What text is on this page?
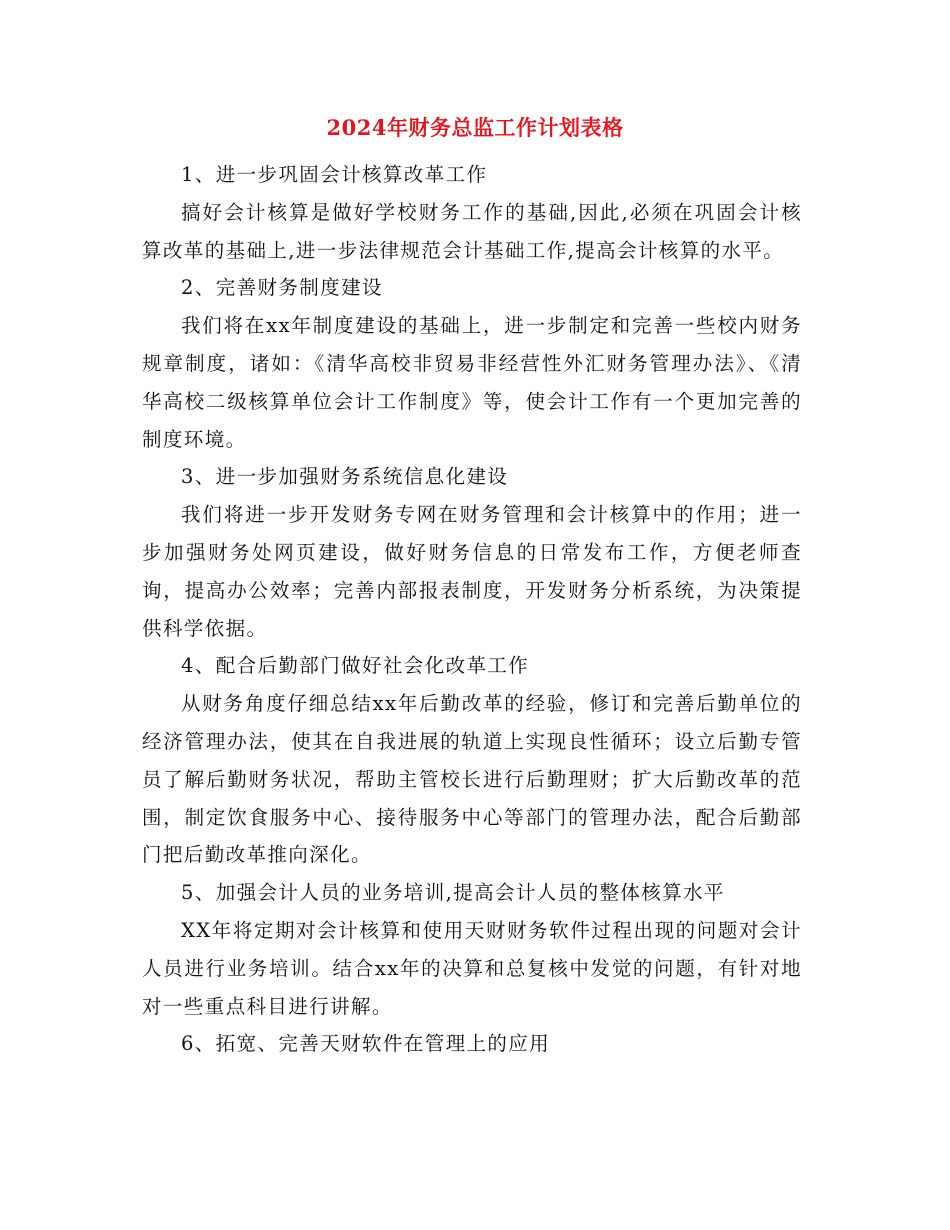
2024年财务总监工作计划表格

1、进一步巩固会计核算改革工作

搞好会计核算是做好学校财务工作的基础,因此,必须在巩固会计核算改革的基础上,进一步法律规范会计基础工作,提高会计核算的水平。

2、完善财务制度建设

我们将在xx年制度建设的基础上，进一步制定和完善一些校内财务规章制度，诸如：《清华高校非贸易非经营性外汇财务管理办法》、《清华高校二级核算单位会计工作制度》等，使会计工作有一个更加完善的制度环境。

3、进一步加强财务系统信息化建设

我们将进一步开发财务专网在财务管理和会计核算中的作用；进一步加强财务处网页建设，做好财务信息的日常发布工作，方便老师查询，提高办公效率；完善内部报表制度，开发财务分析系统，为决策提供科学依据。

4、配合后勤部门做好社会化改革工作

从财务角度仔细总结xx年后勤改革的经验，修订和完善后勤单位的经济管理办法，使其在自我进展的轨道上实现良性循环；设立后勤专管员了解后勤财务状况，帮助主管校长进行后勤理财；扩大后勤改革的范围，制定饮食服务中心、接待服务中心等部门的管理办法，配合后勤部门把后勤改革推向深化。

5、加强会计人员的业务培训,提高会计人员的整体核算水平

XX年将定期对会计核算和使用天财财务软件过程出现的问题对会计人员进行业务培训。结合xx年的决算和总复核中发觉的问题，有针对地对一些重点科目进行讲解。

6、拓宽、完善天财软件在管理上的应用
